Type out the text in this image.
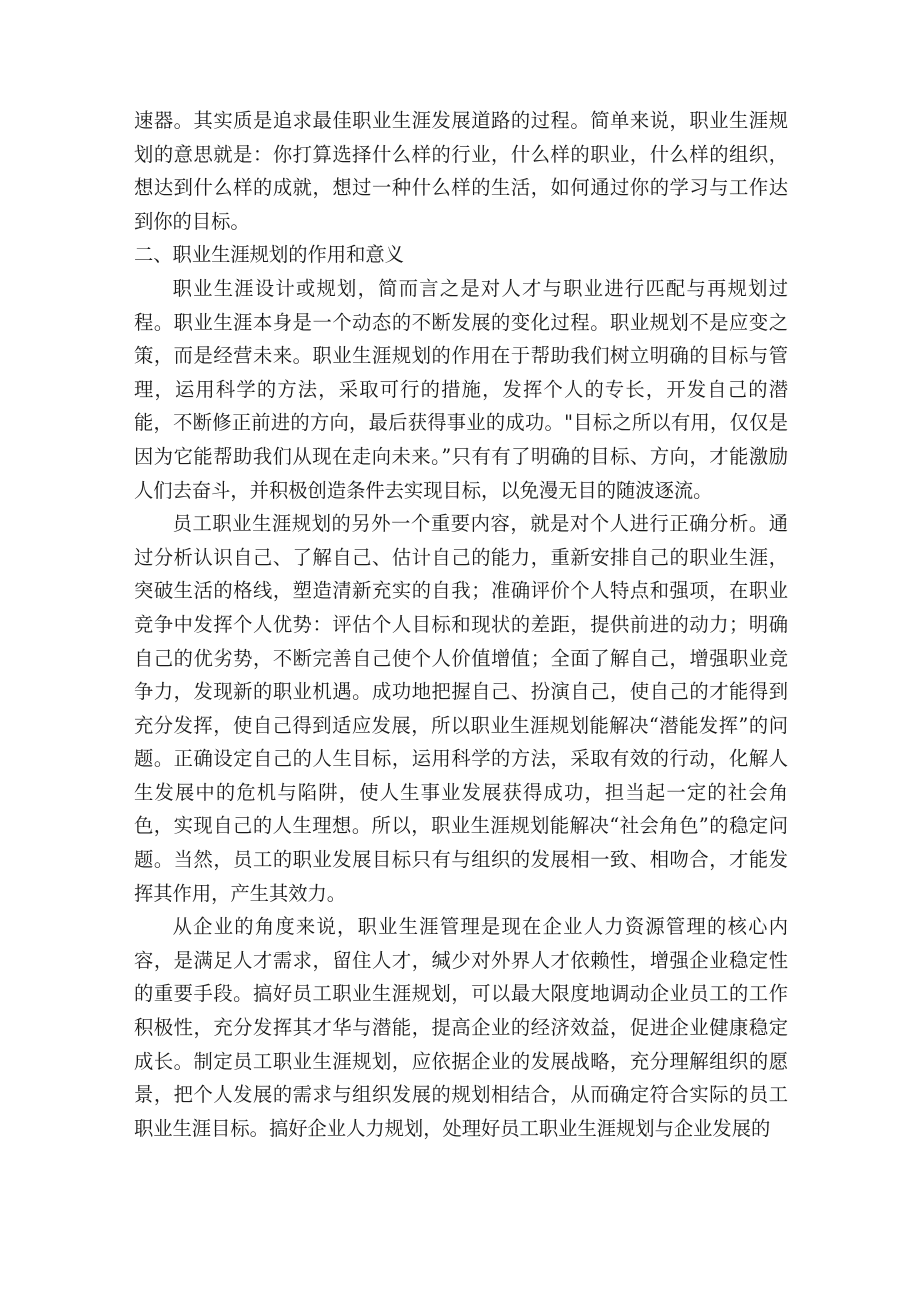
速器。其实质是追求最佳职业生涯发展道路的过程。简单来说，职业生涯规划的意思就是：你打算选择什么样的行业，什么样的职业，什么样的组织，想达到什么样的成就，想过一种什么样的生活，如何通过你的学习与工作达到你的目标。

二、职业生涯规划的作用和意义

职业生涯设计或规划，简而言之是对人才与职业进行匹配与再规划过程。职业生涯本身是一个动态的不断发展的变化过程。职业规划不是应变之策，而是经营未来。职业生涯规划的作用在于帮助我们树立明确的目标与管理，运用科学的方法，采取可行的措施，发挥个人的专长，开发自己的潜能，不断修正前进的方向，最后获得事业的成功。"目标之所以有用，仅仅是因为它能帮助我们从现在走向未来。”只有有了明确的目标、方向，才能激励人们去奋斗，并积极创造条件去实现目标，以免漫无目的随波逐流。

员工职业生涯规划的另外一个重要内容，就是对个人进行正确分析。通过分析认识自己、了解自己、估计自己的能力，重新安排自己的职业生涯，突破生活的格线，塑造清新充实的自我；准确评价个人特点和强项，在职业竞争中发挥个人优势：评估个人目标和现状的差距，提供前进的动力；明确自己的优劣势，不断完善自己使个人价值增值；全面了解自己，增强职业竞争力，发现新的职业机遇。成功地把握自己、扮演自己，使自己的才能得到充分发挥，使自己得到适应发展，所以职业生涯规划能解决“潜能发挥”的问题。正确设定自己的人生目标，运用科学的方法，采取有效的行动，化解人生发展中的危机与陷阱，使人生事业发展获得成功，担当起一定的社会角色，实现自己的人生理想。所以，职业生涯规划能解决“社会角色”的稳定问题。当然，员工的职业发展目标只有与组织的发展相一致、相吻合，才能发挥其作用，产生其效力。

从企业的角度来说，职业生涯管理是现在企业人力资源管理的核心内容，是满足人才需求，留住人才，缄少对外界人才依赖性，增强企业稳定性的重要手段。搞好员工职业生涯规划，可以最大限度地调动企业员工的工作积极性，充分发挥其才华与潜能，提高企业的经济效益，促进企业健康稳定成长。制定员工职业生涯规划，应依据企业的发展战略，充分理解组织的愿景，把个人发展的需求与组织发展的规划相结合，从而确定符合实际的员工职业生涯目标。搞好企业人力规划，处理好员工职业生涯规划与企业发展的
